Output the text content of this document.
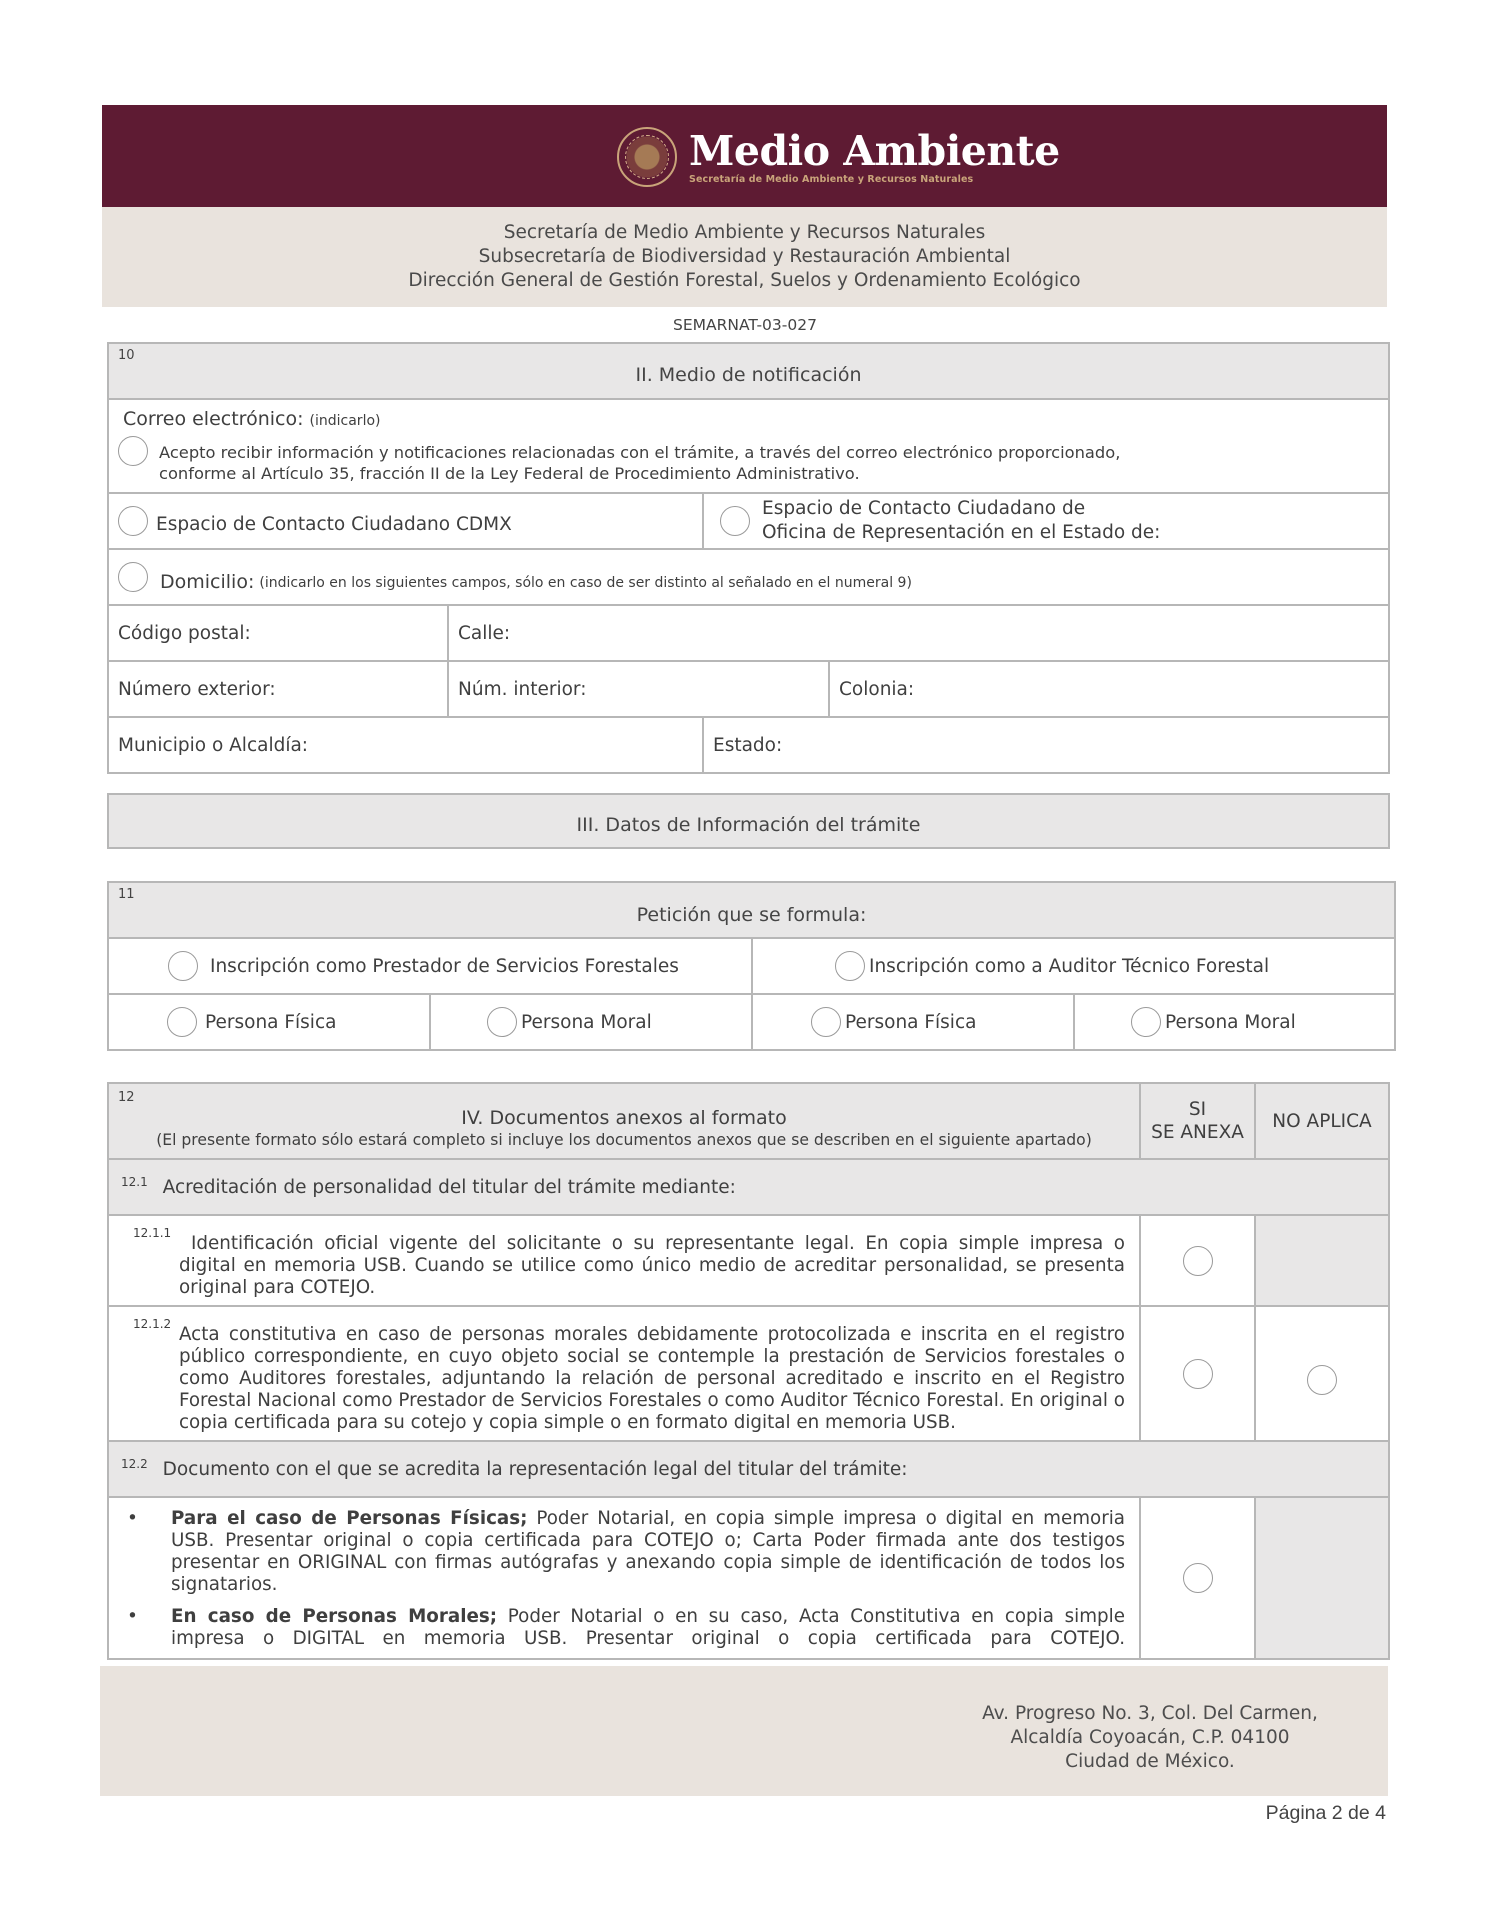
Medio Ambiente
Secretaría de Medio Ambiente y Recursos Naturales
Secretaría de Medio Ambiente y Recursos Naturales
Subsecretaría de Biodiversidad y Restauración Ambiental
Dirección General de Gestión Forestal, Suelos y Ordenamiento Ecológico
SEMARNAT-03-027
10
II. Medio de notificación			

Correo electrónico: (indicarlo)
Acepto recibir información y notificaciones relacionadas con el trámite, a través del correo electrónico proporcionado,
conforme al Artículo 35, fracción II de la Ley Federal de Procedimiento Administrativo.			

Espacio de Contacto Ciudadano CDMX		Espacio de Contacto Ciudadano de
Oficina de Representación en el Estado de:	

Domicilio: (indicarlo en los siguientes campos, sólo en caso de ser distinto al señalado en el numeral 9)			

Código postal:	Calle:		
Número exterior:	Núm. interior:		Colonia:
Municipio o Alcaldía:		Estado:	
III. Datos de Información del trámite
11
Petición que se formula:			

Inscripción como Prestador de Servicios Forestales		Inscripción como a Auditor Técnico Forestal	

Persona Física	Persona Moral	Persona Física	Persona Moral
12
IV. Documentos anexos al formato
(El presente formato sólo estará completo si incluye los documentos anexos que se describen en el siguiente apartado)

SI
SE ANEXA
	NO APLICA
$^{12.1}$ Acreditación de personalidad del titular del trámite mediante:		

12.1.1 Identificación oficial vigente del solicitante o su representante legal. En copia simple impresa o digital en memoria USB. Cuando se utilice como único medio de acreditar personalidad, se presenta original para COTEJO.		

12.1.2 Acta constitutiva en caso de personas morales debidamente protocolizada e inscrita en el registro público correspondiente, en cuyo objeto social se contemple la prestación de Servicios forestales o como Auditores forestales, adjuntando la relación de personal acreditado e inscrito en el Registro Forestal Nacional como Prestador de Servicios Forestales o como Auditor Técnico Forestal. En original o copia certificada para su cotejo y copia simple o en formato digital en memoria USB.		

$^{12.2}$ Documento con el que se acredita la representación legal del titular del trámite:		

• Para el caso de Personas Físicas; Poder Notarial, en copia simple impresa o digital en memoria USB. Presentar original o copia certificada para COTEJO o; Carta Poder firmada ante dos testigos presentar en ORIGINAL con firmas autógrafas y anexando copia simple de identificación de todos los signatarios.
• En caso de Personas Morales; Poder Notarial o en su caso, Acta Constitutiva en copia simple impresa o DIGITAL en memoria USB. Presentar original o copia certificada para COTEJO.		

Av. Progreso No. 3, Col. Del Carmen,
Alcaldía Coyoacán, C.P. 04100
Ciudad de México.
Página 2 de 4
